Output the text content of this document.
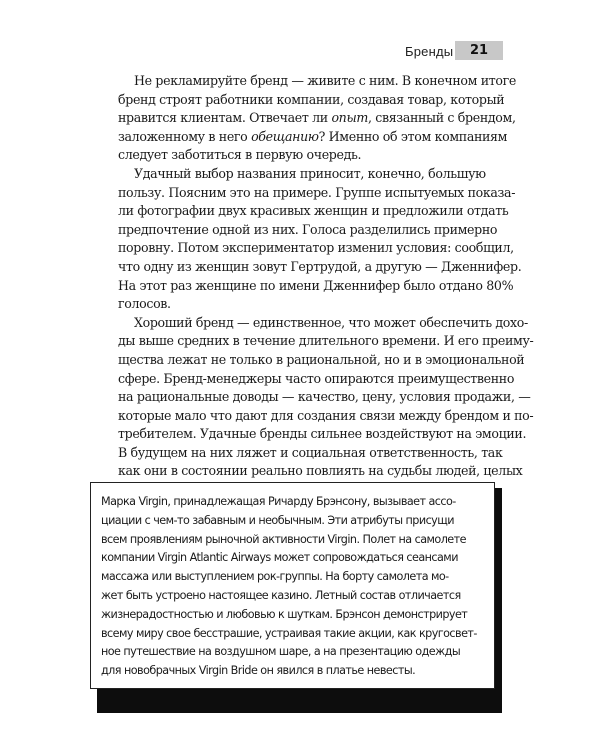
Бренды	21

Не рекламируйте бренд — живите с ним. В конечном итоге
бренд строят работники компании, создавая товар, который
нравится клиентам. Отвечает ли опыт, связанный с брендом,
заложенному в него обещанию? Именно об этом компаниям
следует заботиться в первую очередь.

Удачный выбор названия приносит, конечно, большую
пользу. Поясним это на примере. Группе испытуемых показа-
ли фотографии двух красивых женщин и предложили отдать
предпочтение одной из них. Голоса разделились примерно
поровну. Потом экспериментатор изменил условия: сообщил,
что одну из женщин зовут Гертрудой, а другую — Дженнифер.
На этот раз женщине по имени Дженнифер было отдано 80%
голосов.

Хороший бренд — единственное, что может обеспечить дохо-
ды выше средних в течение длительного времени. И его преиму-
щества лежат не только в рациональной, но и в эмоциональной
сфере. Бренд-менеджеры часто опираются преимущественно
на рациональные доводы — качество, цену, условия продажи, —
которые мало что дают для создания связи между брендом и по-
требителем. Удачные бренды сильнее воздействуют на эмоции.
В будущем на них ляжет и социальная ответственность, так
как они в состоянии реально повлиять на судьбы людей, целых

Марка Virgin, принадлежащая Ричарду Брэнсону, вызывает ассо-
циации с чем-то забавным и необычным. Эти атрибуты присущи
всем проявлениям рыночной активности Virgin. Полет на самолете
компании Virgin Atlantic Airways может сопровождаться сеансами
массажа или выступлением рок-группы. На борту самолета мо-
жет быть устроено настоящее казино. Летный состав отличается
жизнерадостностью и любовью к шуткам. Брэнсон демонстрирует
всему миру свое бесстрашие, устраивая такие акции, как кругосвет-
ное путешествие на воздушном шаре, а на презентацию одежды
для новобрачных Virgin Bride он явился в платье невесты.
